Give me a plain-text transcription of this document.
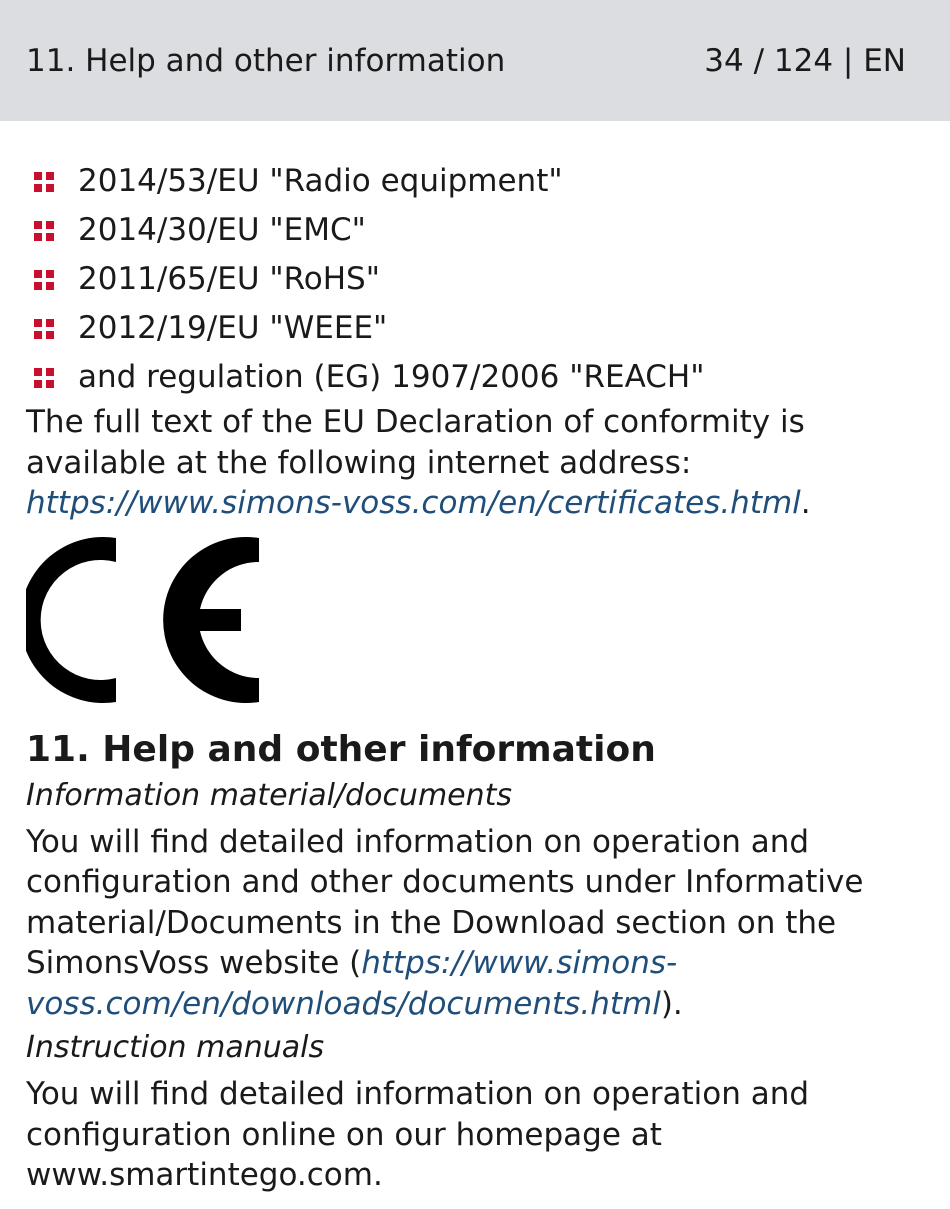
11. Help and other information	34 / 124 | EN
2014/53/EU "Radio equipment"
2014/30/EU "EMC"
2011/65/EU "RoHS"
2012/19/EU "WEEE"
and regulation (EG) 1907/2006 "REACH"

The full text of the EU Declaration of conformity is available at the following internet address: https://www.simons-voss.com/en/certificates.html.

11. Help and other information

Information material/documents

You will find detailed information on operation and configuration and other documents under Informative material/Documents in the Download section on the SimonsVoss website (https://www.simons-voss.com/en/downloads/documents.html).

Instruction manuals

You will find detailed information on operation and configuration online on our homepage at www.smartintego.com.
